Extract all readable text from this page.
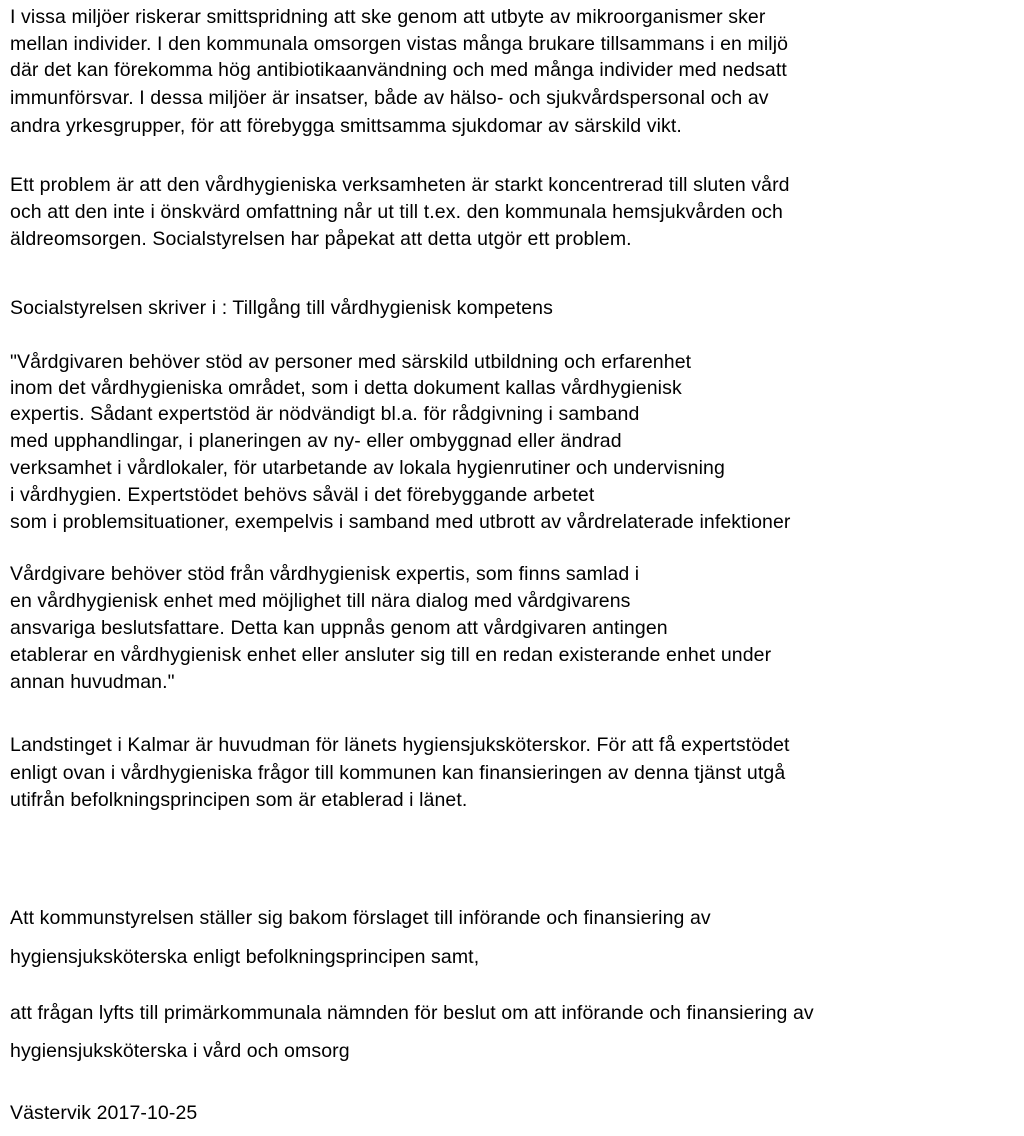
I vissa miljöer riskerar smittspridning att ske genom att utbyte av mikroorganismer sker
mellan individer. I den kommunala omsorgen vistas många brukare tillsammans i en miljö
där det kan förekomma hög antibiotikaanvändning och med många individer med nedsatt
immunförsvar. I dessa miljöer är insatser, både av hälso- och sjukvårdspersonal och av
andra yrkesgrupper, för att förebygga smittsamma sjukdomar av särskild vikt.
Ett problem är att den vårdhygieniska verksamheten är starkt koncentrerad till sluten vård
och att den inte i önskvärd omfattning når ut till t.ex. den kommunala hemsjukvården och
äldreomsorgen. Socialstyrelsen har påpekat att detta utgör ett problem.
Socialstyrelsen skriver i : Tillgång till vårdhygienisk kompetens
"Vårdgivaren behöver stöd av personer med särskild utbildning och erfarenhet
inom det vårdhygieniska området, som i detta dokument kallas vårdhygienisk
expertis. Sådant expertstöd är nödvändigt bl.a. för rådgivning i samband
med upphandlingar, i planeringen av ny- eller ombyggnad eller ändrad
verksamhet i vårdlokaler, för utarbetande av lokala hygienrutiner och undervisning
i vårdhygien. Expertstödet behövs såväl i det förebyggande arbetet
som i problemsituationer, exempelvis i samband med utbrott av vårdrelaterade infektioner
Vårdgivare behöver stöd från vårdhygienisk expertis, som finns samlad i
en vårdhygienisk enhet med möjlighet till nära dialog med vårdgivarens
ansvariga beslutsfattare. Detta kan uppnås genom att vårdgivaren antingen
etablerar en vårdhygienisk enhet eller ansluter sig till en redan existerande enhet under
annan huvudman."
Landstinget i Kalmar är huvudman för länets hygiensjuksköterskor. För att få expertstödet
enligt ovan i vårdhygieniska frågor till kommunen kan finansieringen av denna tjänst utgå
utifrån befolkningsprincipen som är etablerad i länet.
Att kommunstyrelsen ställer sig bakom förslaget till införande och finansiering av
hygiensjuksköterska enligt befolkningsprincipen samt,
att frågan lyfts till primärkommunala nämnden för beslut om att införande och finansiering av
hygiensjuksköterska i vård och omsorg
Västervik 2017-10-25
